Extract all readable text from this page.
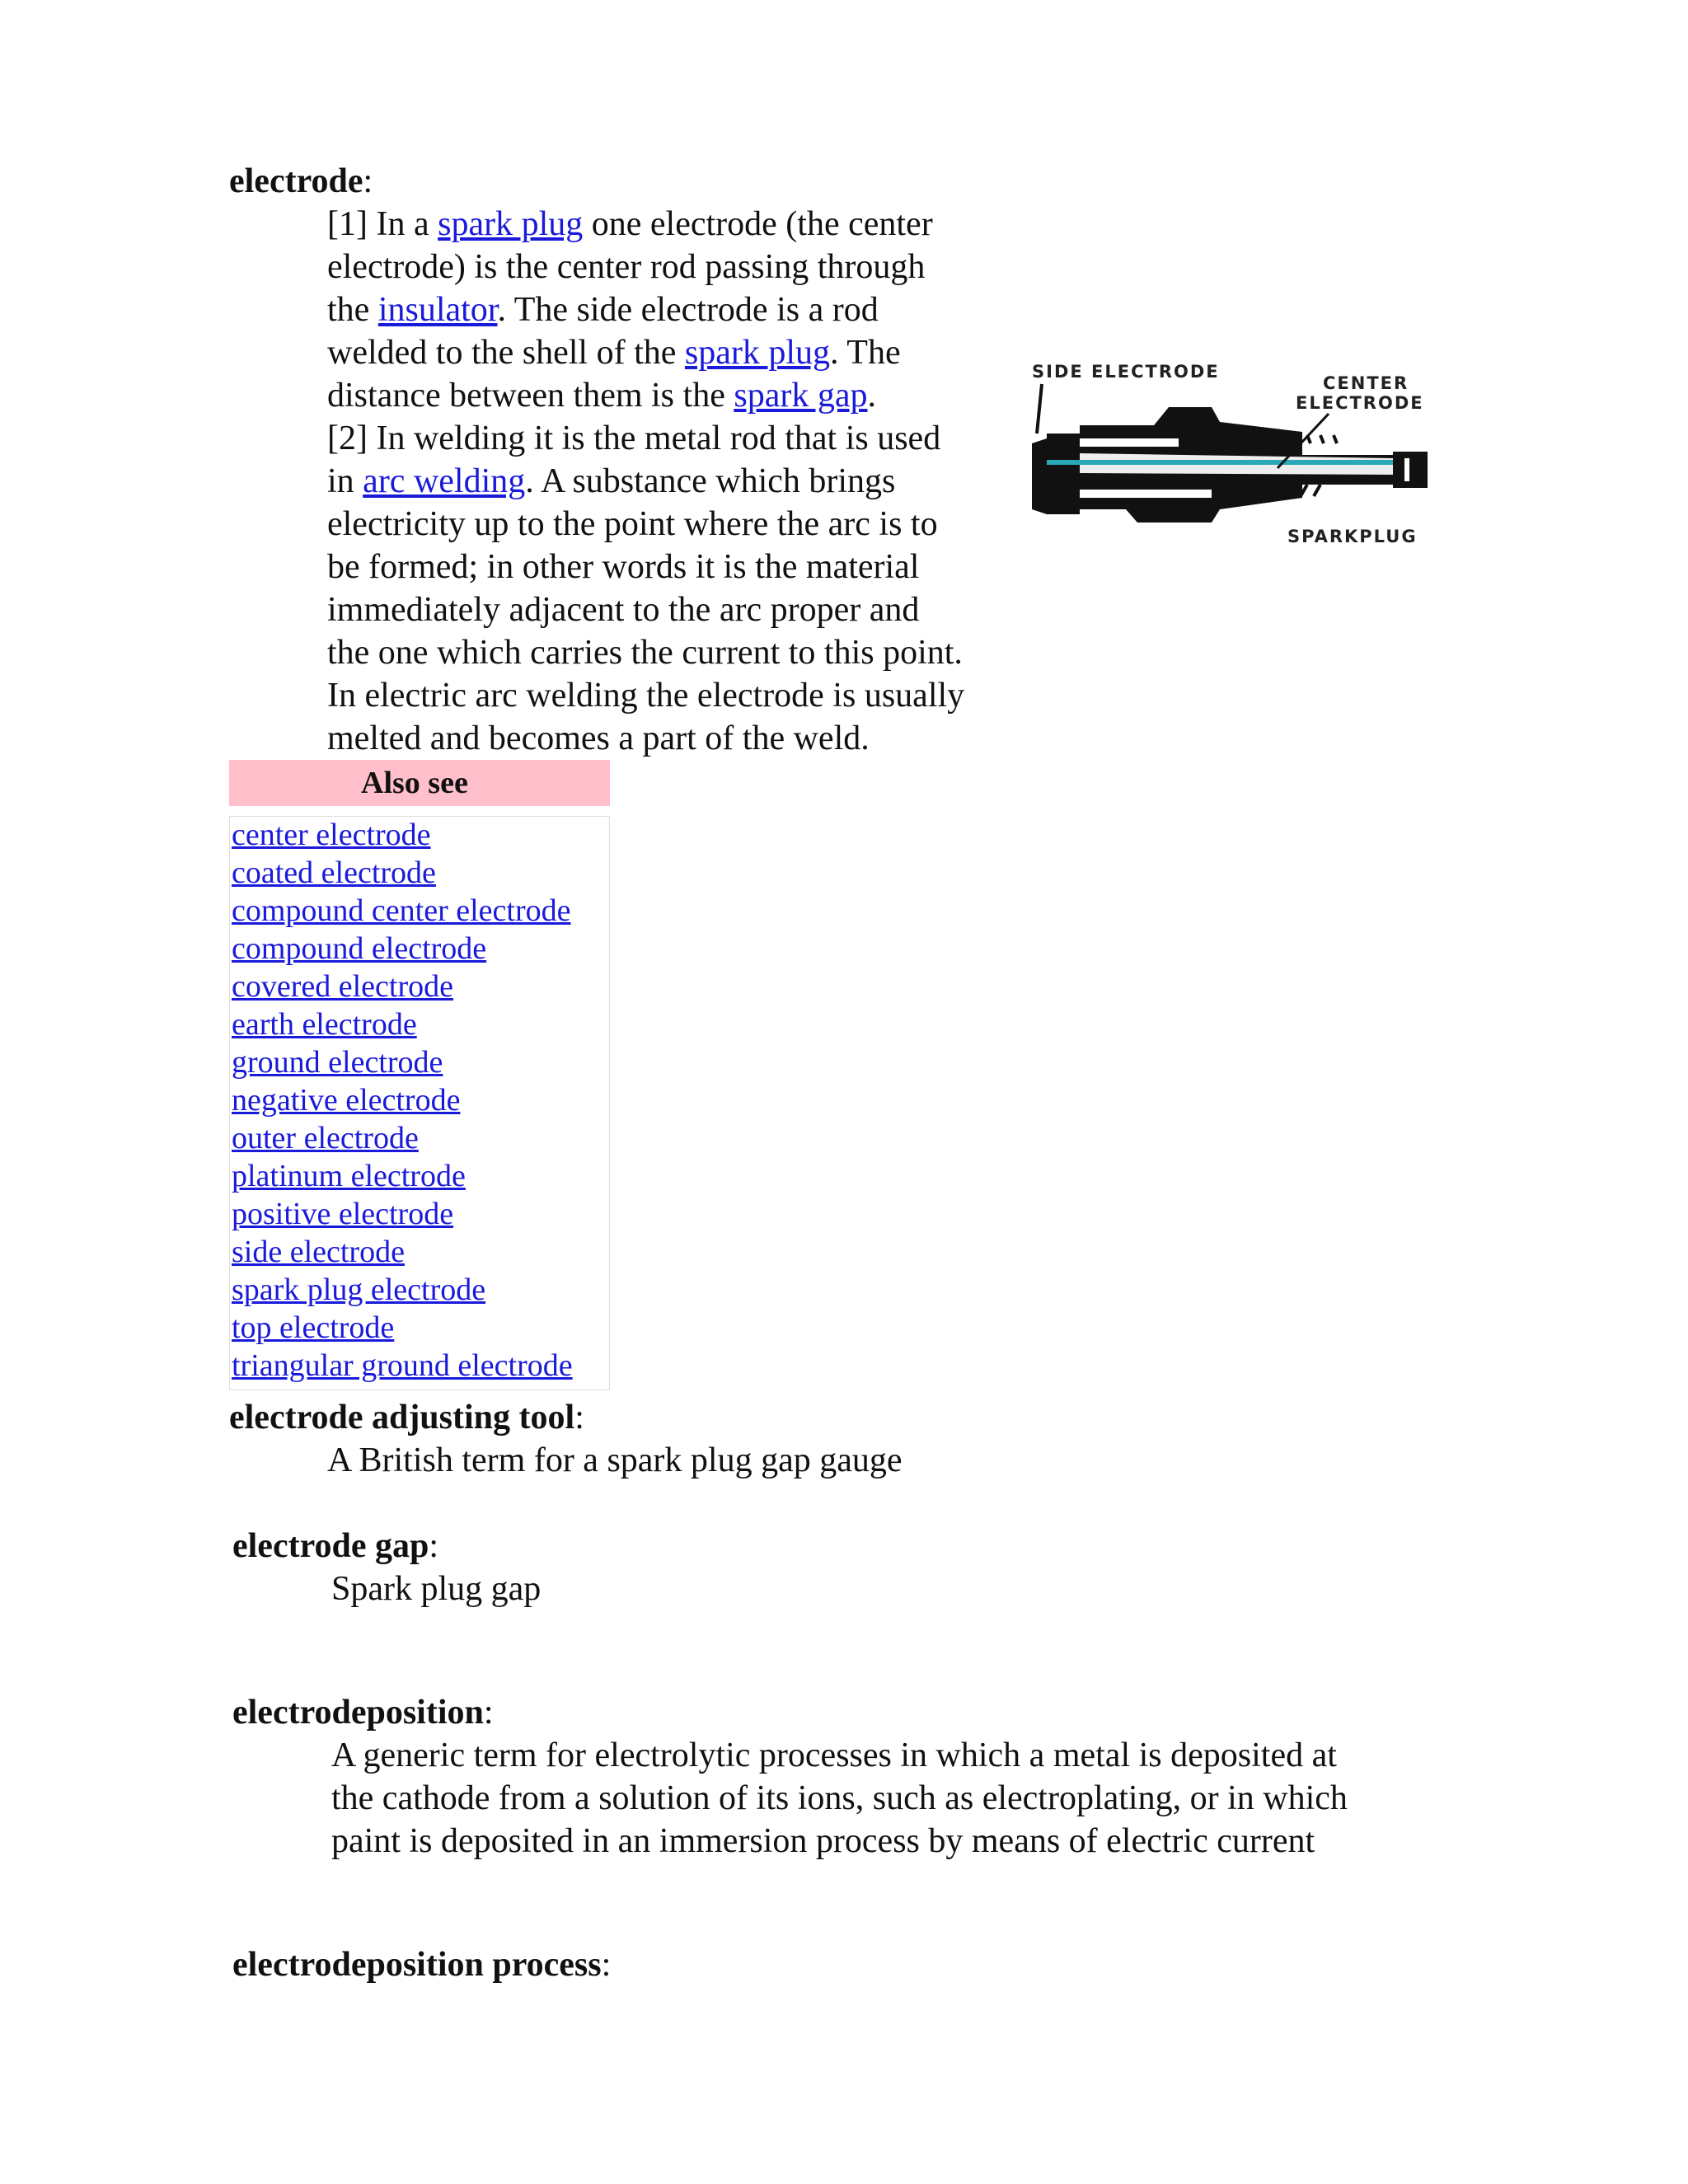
electrode:
[1] In a spark plug one electrode (the center
electrode) is the center rod passing through
the insulator. The side electrode is a rod
welded to the shell of the spark plug. The
distance between them is the spark gap.
[2] In welding it is the metal rod that is used
in arc welding. A substance which brings
electricity up to the point where the arc is to
be formed; in other words it is the material
immediately adjacent to the arc proper and
the one which carries the current to this point.
In electric arc welding the electrode is usually
melted and becomes a part of the weld.
SIDE ELECTRODE
CENTER
ELECTRODE
SPARKPLUG
Also see
center electrode
coated electrode
compound center electrode
compound electrode
covered electrode
earth electrode
ground electrode
negative electrode
outer electrode
platinum electrode
positive electrode
side electrode
spark plug electrode
top electrode
triangular ground electrode
electrode adjusting tool:
A British term for a spark plug gap gauge
electrode gap:
Spark plug gap
electrodeposition:
A generic term for electrolytic processes in which a metal is deposited at
the cathode from a solution of its ions, such as electroplating, or in which
paint is deposited in an immersion process by means of electric current
electrodeposition process:
